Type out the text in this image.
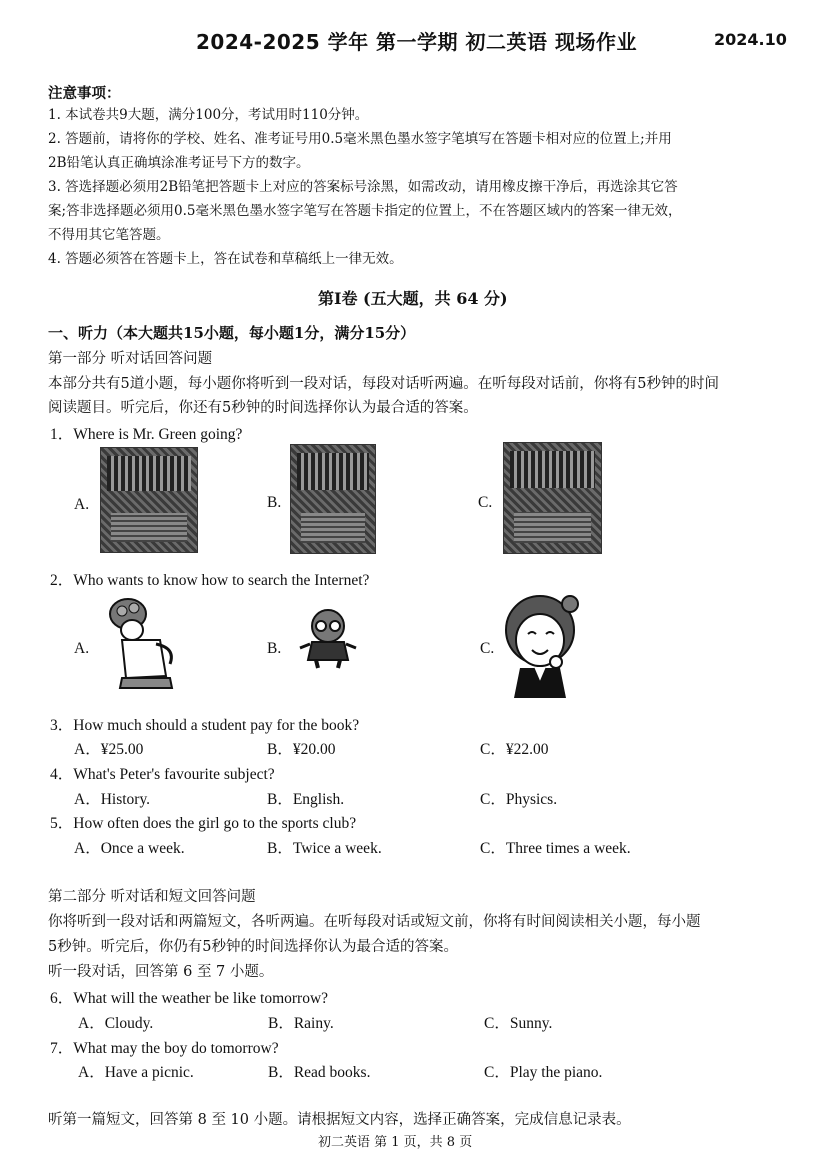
2024-2025 学年 第一学期 初二英语 现场作业	2024.10
注意事项：
1. 本试卷共9大题，满分100分，考试用时110分钟。
2. 答题前，请将你的学校、姓名、准考证号用0.5毫米黑色墨水签字笔填写在答题卡相对应的位置上;并用
2B铅笔认真正确填涂准考证号下方的数字。
3. 答选择题必须用2B铅笔把答题卡上对应的答案标号涂黑，如需改动，请用橡皮擦干净后，再选涂其它答
案;答非选择题必须用0.5毫米黑色墨水签字笔写在答题卡指定的位置上，不在答题区域内的答案一律无效，
不得用其它笔答题。
4. 答题必须答在答题卡上，答在试卷和草稿纸上一律无效。
第I卷 (五大题，共 64 分)
一、听力（本大题共15小题，每小题1分，满分15分）
第一部分 听对话回答问题
本部分共有5道小题，每小题你将听到一段对话，每段对话听两遍。在听每段对话前，你将有5秒钟的时间
阅读题目。听完后，你还有5秒钟的时间选择你认为最合适的答案。
1．Where is Mr. Green going?
A.	B.	C.
2．Who wants to know how to search the Internet?
A.	B.	C.
3．How much should a student pay for the book?
A．¥25.00	B．¥20.00	C．¥22.00
4．What's Peter's favourite subject?
A．History.	B．English.	C．Physics.
5．How often does the girl go to the sports club?
A．Once a week.	B．Twice a week.	C．Three times a week.
第二部分 听对话和短文回答问题
你将听到一段对话和两篇短文，各听两遍。在听每段对话或短文前，你将有时间阅读相关小题，每小题
5秒钟。听完后，你仍有5秒钟的时间选择你认为最合适的答案。
听一段对话，回答第 6 至 7 小题。
6．What will the weather be like tomorrow?
A．Cloudy.	B．Rainy.	C．Sunny.
7．What may the boy do tomorrow?
A．Have a picnic.	B．Read books.	C．Play the piano.
听第一篇短文，回答第 8 至 10 小题。请根据短文内容，选择正确答案，完成信息记录表。
初二英语 第 1 页，共 8 页
